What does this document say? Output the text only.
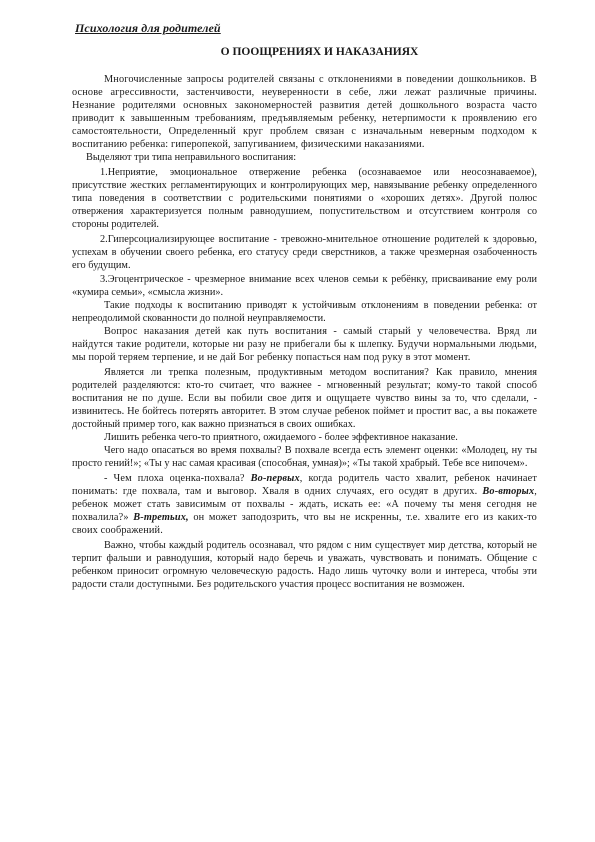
Психология для родителей
О ПООЩРЕНИЯХ И НАКАЗАНИЯХ

Многочисленные запросы родителей связаны с отклонениями в поведении дошкольников. В основе агрессивности, застенчивости, неуверенности в себе, лжи лежат различные причины. Незнание родителями основных закономерностей развития детей дошкольного возраста часто приводит к завышенным требованиям, предъявляемым ребенку, нетерпимости к проявлению его самостоятельности, Определенный круг проблем связан с изначальным неверным подходом к воспитанию ребенка: гиперопекой, запугиванием, физическими наказаниями.

Выделяют три типа неправильного воспитания:

1.Неприятие, эмоциональное отвержение ребенка (осознаваемое или неосознаваемое), присутствие жестких регламентирующих и контролирующих мер, навязывание ребенку определенного типа поведения в соответствии с родительскими понятиями о «хороших детях». Другой полюс отвержения характеризуется полным равнодушием, попустительством и отсутствием контроля со стороны родителей.

2.Гиперсоциализирующее воспитание - тревожно-мнительное отношение родителей к здоровью, успехам в обучении своего ребенка, его статусу среди сверстников, а также чрезмерная озабоченность его будущим.

3.Эгоцентрическое - чрезмерное внимание всех членов семьи к ребёнку, присваивание ему роли «кумира семьи», «смысла жизни».

Такие подходы к воспитанию приводят к устойчивым отклонениям в поведении ребенка: от непреодолимой скованности до полной неуправляемости.

Вопрос наказания детей как путь воспитания - самый старый у человечества. Вряд ли найдутся такие родители, которые ни разу не прибегали бы к шлепку. Будучи нормальными людьми, мы порой теряем терпение, и не дай Бог ребенку попасться нам под руку в этот момент.

Является ли трепка полезным, продуктивным методом воспитания? Как правило, мнения родителей разделяются: кто-то считает, что важнее - мгновенный результат; кому-то такой способ воспитания не по душе. Если вы побили свое дитя и ощущаете чувство вины за то, что сделали, - извинитесь. Не бойтесь потерять авторитет. В этом случае ребенок поймет и простит вас, а вы покажете достойный пример того, как важно признаться в своих ошибках.

Лишить ребенка чего-то приятного, ожидаемого - более эффективное наказание.

Чего надо опасаться во время похвалы? В похвале всегда есть элемент оценки: «Молодец, ну ты просто гений!»; «Ты у нас самая красивая (способная, умная)»; «Ты такой храбрый. Тебе все нипочем».

- Чем плоха оценка-похвала? Во-первых, когда родитель часто хвалит, ребенок начинает понимать: где похвала, там и выговор. Хваля в одних случаях, его осудят в других. Во-вторых, ребенок может стать зависимым от похвалы - ждать, искать ее: «А почему ты меня сегодня не похвалила?» В-третьих, он может заподозрить, что вы не искренны, т.е. хвалите его из каких-то своих соображений.

Важно, чтобы каждый родитель осознавал, что рядом с ним существует мир детства, который не терпит фальши и равнодушия, который надо беречь и уважать, чувствовать и понимать. Общение с ребенком приносит огромную человеческую радость. Надо лишь чуточку воли и интереса, чтобы эти радости стали доступными. Без родительского участия процесс воспитания не возможен.
